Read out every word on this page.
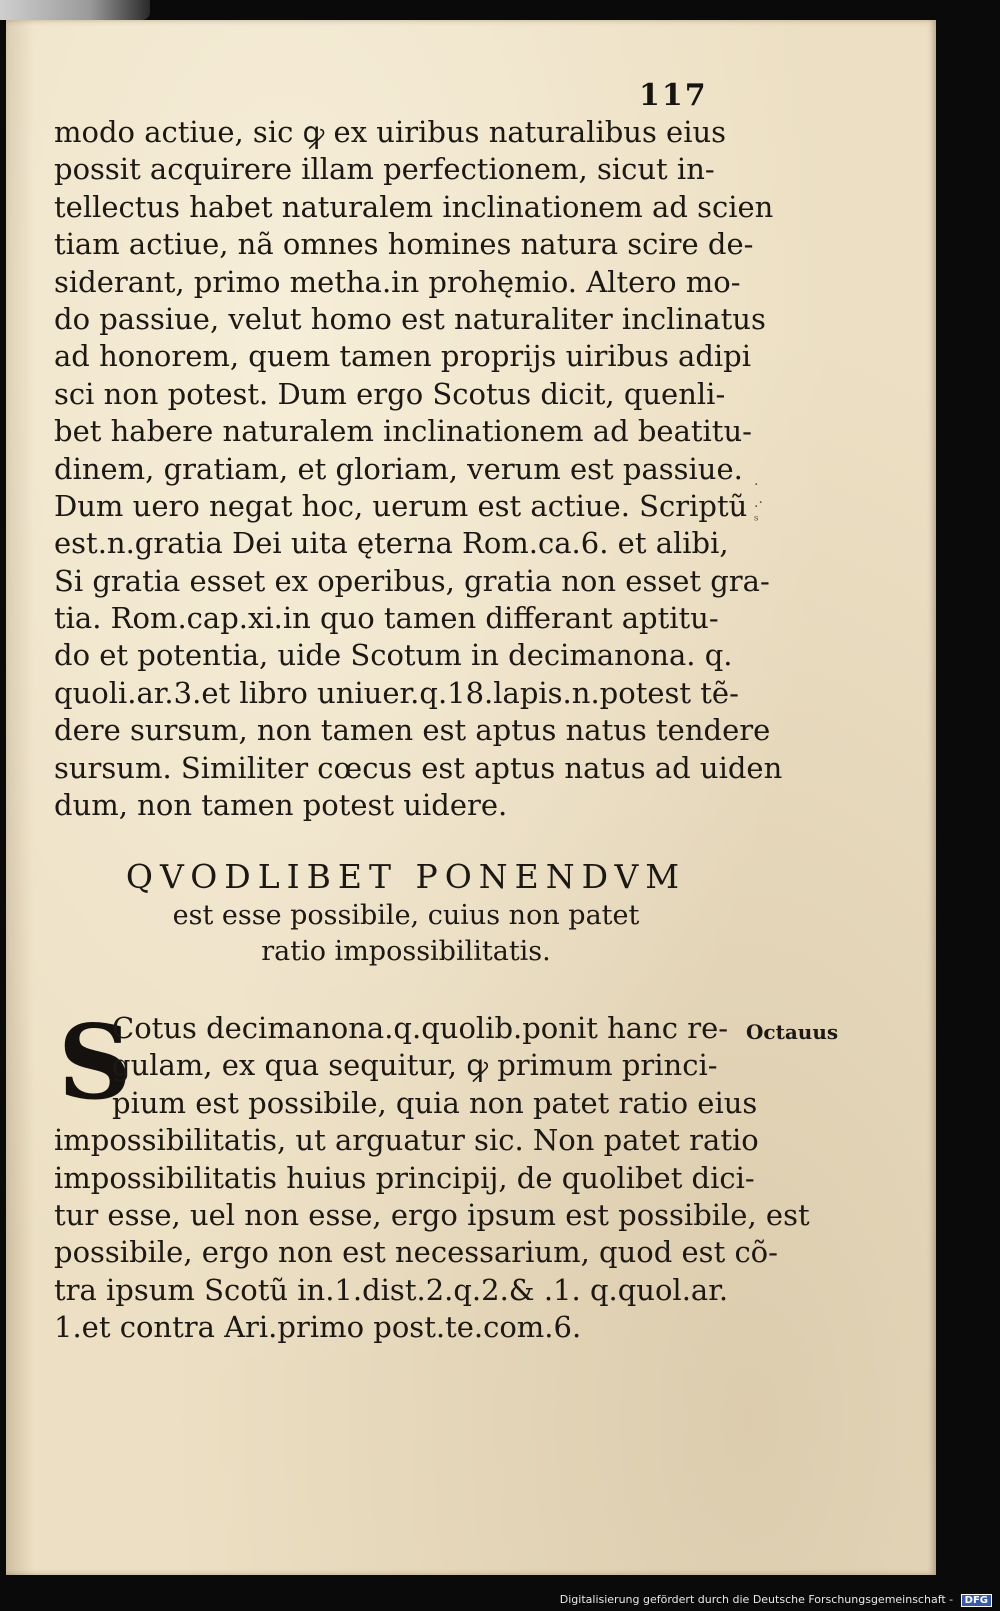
117
modo actiue, sic ꝙ ex uiribus naturalibus eius
possit acquirere illam perfectionem, sicut in-
tellectus habet naturalem inclinationem ad scien
tiam actiue, nã omnes homines natura scire de-
siderant, primo metha.in prohęmio. Altero mo-
do passiue, velut homo est naturaliter inclinatus
ad honorem, quem tamen proprijs uiribus adipi
sci non potest. Dum ergo Scotus dicit, quenli-
bet habere naturalem inclinationem ad beatitu-
dinem, gratiam, et gloriam, verum est passiue.
Dum uero negat hoc, uerum est actiue. Scriptũ
est.n.gratia Dei uita ęterna Rom.ca.6. et alibi,
Si gratia esset ex operibus, gratia non esset gra-
tia. Rom.cap.xi.in quo tamen differant aptitu-
do et potentia, uide Scotum in decimanona. q.
quoli.ar.3.et libro uniuer.q.18.lapis.n.potest tẽ-
dere sursum, non tamen est aptus natus tendere
sursum. Similiter cœcus est aptus natus ad uiden
dum, non tamen potest uidere.
·
.·
ˢ
QVODLIBET PONENDVM
est esse possibile, cuius non patet
ratio impossibilitatis.
S
Cotus decimanona.q.quolib.ponit hanc re-
gulam, ex qua sequitur, ꝙ primum princi-
pium est possibile, quia non patet ratio eius
impossibilitatis, ut arguatur sic. Non patet ratio
impossibilitatis huius principij, de quolibet dici-
tur esse, uel non esse, ergo ipsum est possibile, est
possibile, ergo non est necessarium, quod est cõ-
tra ipsum Scotũ in.1.dist.2.q.2.& .1. q.quol.ar.
1.et contra Ari.primo post.te.com.6.
Octauus
Digitalisierung gefördert durch die Deutsche Forschungsgemeinschaft - DFG
